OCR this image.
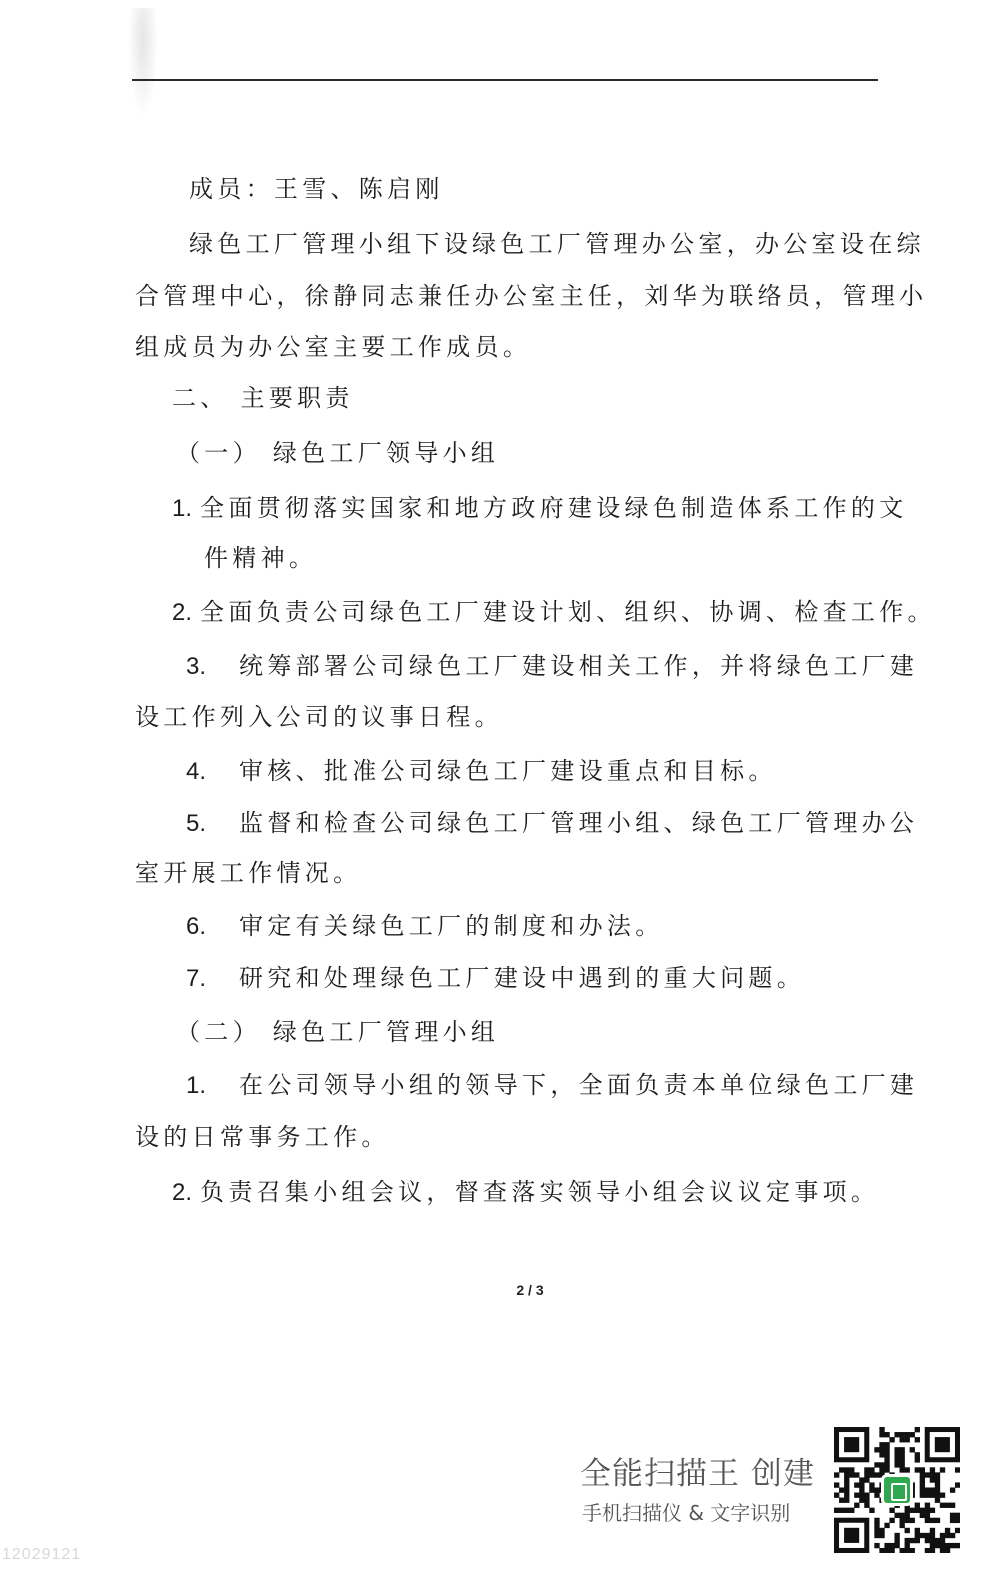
成员：王雪、陈启刚

绿色工厂管理小组下设绿色工厂管理办公室，办公室设在综

合管理中心，徐静同志兼任办公室主任，刘华为联络员，管理小

组成员为办公室主要工作成员。

二、 主要职责

（一） 绿色工厂领导小组

1. 全面贯彻落实国家和地方政府建设绿色制造体系工作的文

件精神。

2. 全面负责公司绿色工厂建设计划、组织、协调、检查工作。

3. 统筹部署公司绿色工厂建设相关工作，并将绿色工厂建

设工作列入公司的议事日程。

4. 审核、批准公司绿色工厂建设重点和目标。

5. 监督和检查公司绿色工厂管理小组、绿色工厂管理办公

室开展工作情况。

6. 审定有关绿色工厂的制度和办法。

7. 研究和处理绿色工厂建设中遇到的重大问题。

（二） 绿色工厂管理小组

1. 在公司领导小组的领导下，全面负责本单位绿色工厂建

设的日常事务工作。

2. 负责召集小组会议，督查落实领导小组会议议定事项。

2 / 3
全能扫描王 创建
手机扫描仪 & 文字识别
12029121
